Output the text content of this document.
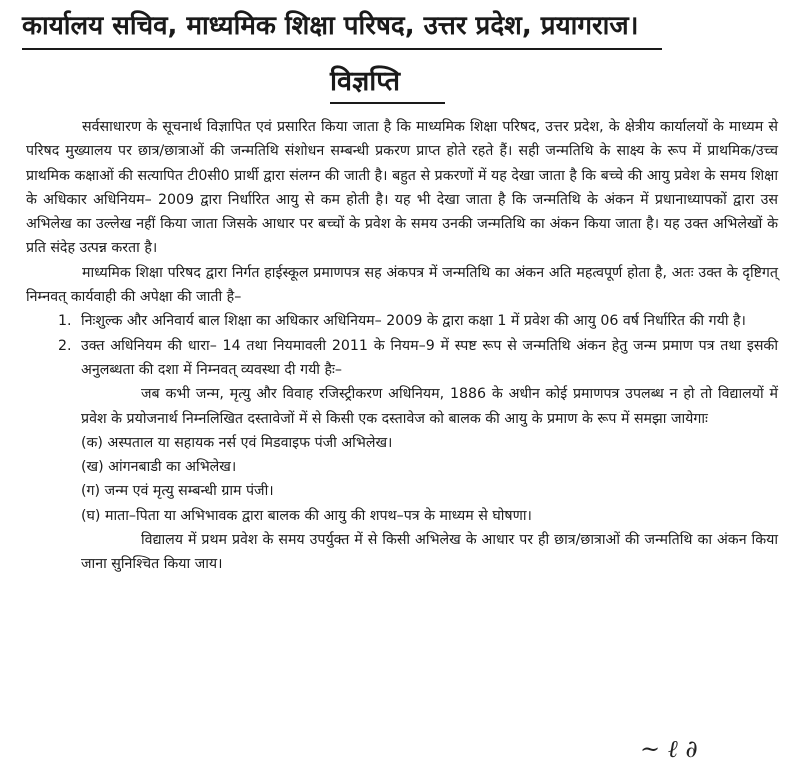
कार्यालय सचिव, माध्यमिक शिक्षा परिषद, उत्तर प्रदेश, प्रयागराज।
विज्ञप्ति

सर्वसाधारण के सूचनार्थ विज्ञापित एवं प्रसारित किया जाता है कि माध्यमिक शिक्षा परिषद, उत्तर प्रदेश, के क्षेत्रीय कार्यालयों के माध्यम से परिषद मुख्यालय पर छात्र/छात्राओं की जन्मतिथि संशोधन सम्बन्धी प्रकरण प्राप्त होते रहते हैं। सही जन्मतिथि के साक्ष्य के रूप में प्राथमिक/उच्च प्राथमिक कक्षाओं की सत्यापित टी0सी0 प्रार्थी द्वारा संलग्न की जाती है। बहुत से प्रकरणों में यह देखा जाता है कि बच्चे की आयु प्रवेश के समय शिक्षा के अधिकार अधिनियम– 2009 द्वारा निर्धारित आयु से कम होती है। यह भी देखा जाता है कि जन्मतिथि के अंकन में प्रधानाध्यापकों द्वारा उस अभिलेख का उल्लेख नहीं किया जाता जिसके आधार पर बच्चों के प्रवेश के समय उनकी जन्मतिथि का अंकन किया जाता है। यह उक्त अभिलेखों के प्रति संदेह उत्पन्न करता है।

माध्यमिक शिक्षा परिषद द्वारा निर्गत हाईस्कूल प्रमाणपत्र सह अंकपत्र में जन्मतिथि का अंकन अति महत्वपूर्ण होता है, अतः उक्त के दृष्टिगत् निम्नवत् कार्यवाही की अपेक्षा की जाती है–

1. निःशुल्क और अनिवार्य बाल शिक्षा का अधिकार अधिनियम– 2009 के द्वारा कक्षा 1 में प्रवेश की आयु 06 वर्ष निर्धारित की गयी है।
2. उक्त अधिनियम की धारा– 14 तथा नियमावली 2011 के नियम–9 में स्पष्ट रूप से जन्मतिथि अंकन हेतु जन्म प्रमाण पत्र तथा इसकी अनुलब्धता की दशा में निम्नवत् व्यवस्था दी गयी हैः–

जब कभी जन्म, मृत्यु और विवाह रजिस्ट्रीकरण अधिनियम, 1886 के अधीन कोई प्रमाणपत्र उपलब्ध न हो तो विद्यालयों में प्रवेश के प्रयोजनार्थ निम्नलिखित दस्तावेजों में से किसी एक दस्तावेज को बालक की आयु के प्रमाण के रूप में समझा जायेगाः

(क) अस्पताल या सहायक नर्स एवं मिडवाइफ पंजी अभिलेख।

(ख) आंगनबाडी का अभिलेख।

(ग) जन्म एवं मृत्यु सम्बन्धी ग्राम पंजी।

(घ) माता–पिता या अभिभावक द्वारा बालक की आयु की शपथ–पत्र के माध्यम से घोषणा।

विद्यालय में प्रथम प्रवेश के समय उपर्युक्त में से किसी अभिलेख के आधार पर ही छात्र/छात्राओं की जन्मतिथि का अंकन किया जाना सुनिश्चित किया जाय।

~ ℓ ∂
